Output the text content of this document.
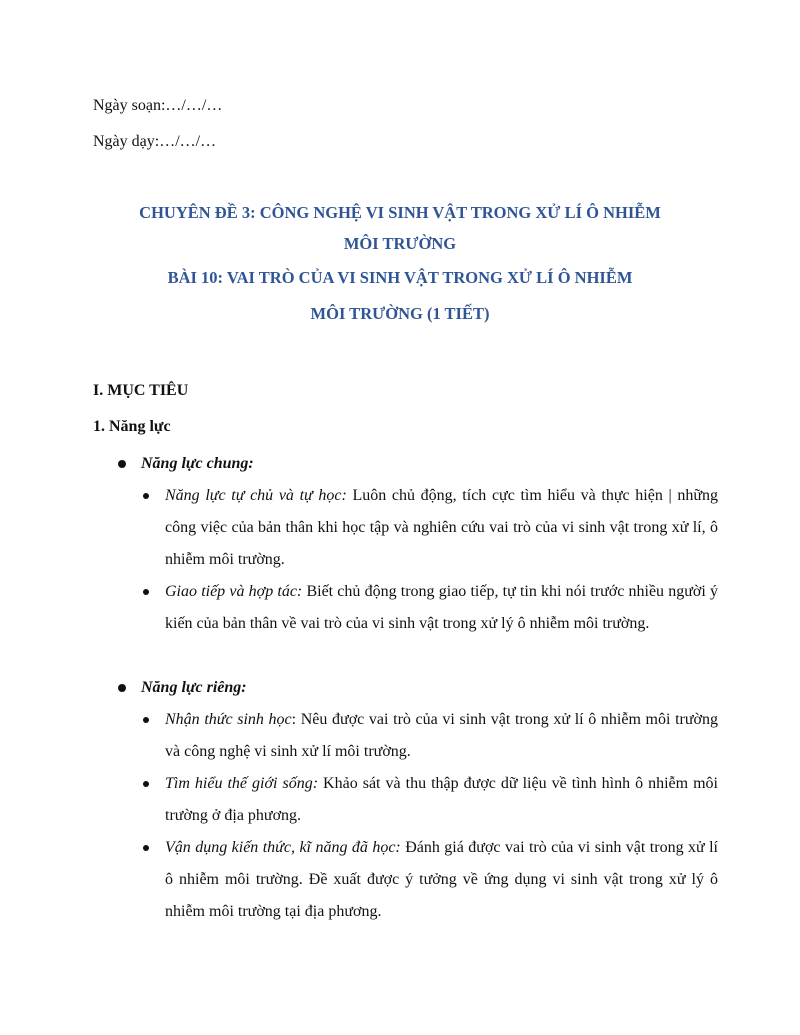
Ngày soạn:…/…/…
Ngày dạy:…/…/…
CHUYÊN ĐỀ 3: CÔNG NGHỆ VI SINH VẬT TRONG XỬ LÍ Ô NHIỄM
MÔI TRƯỜNG
BÀI 10: VAI TRÒ CỦA VI SINH VẬT TRONG XỬ LÍ Ô NHIỄM
MÔI TRƯỜNG (1 TIẾT)
I. MỤC TIÊU
1. Năng lực
Năng lực chung:
Năng lực tự chủ và tự học: Luôn chủ động, tích cực tìm hiểu và thực hiện | những công việc của bản thân khi học tập và nghiên cứu vai trò của vi sinh vật trong xử lí, ô nhiễm môi trường.
Giao tiếp và hợp tác: Biết chủ động trong giao tiếp, tự tin khi nói trước nhiều người ý kiến của bản thân về vai trò của vi sinh vật trong xử lý ô nhiễm môi trường.
Năng lực riêng:
Nhận thức sinh học: Nêu được vai trò của vi sinh vật trong xử lí ô nhiễm môi trường và công nghệ vi sinh xử lí môi trường.
Tìm hiểu thế giới sống: Khảo sát và thu thập được dữ liệu về tình hình ô nhiễm môi trường ở địa phương.
Vận dụng kiến thức, kĩ năng đã học: Đánh giá được vai trò của vi sinh vật trong xử lí ô nhiễm môi trường. Đề xuất được ý tưởng về ứng dụng vi sinh vật trong xử lý ô nhiễm môi trường tại địa phương.
